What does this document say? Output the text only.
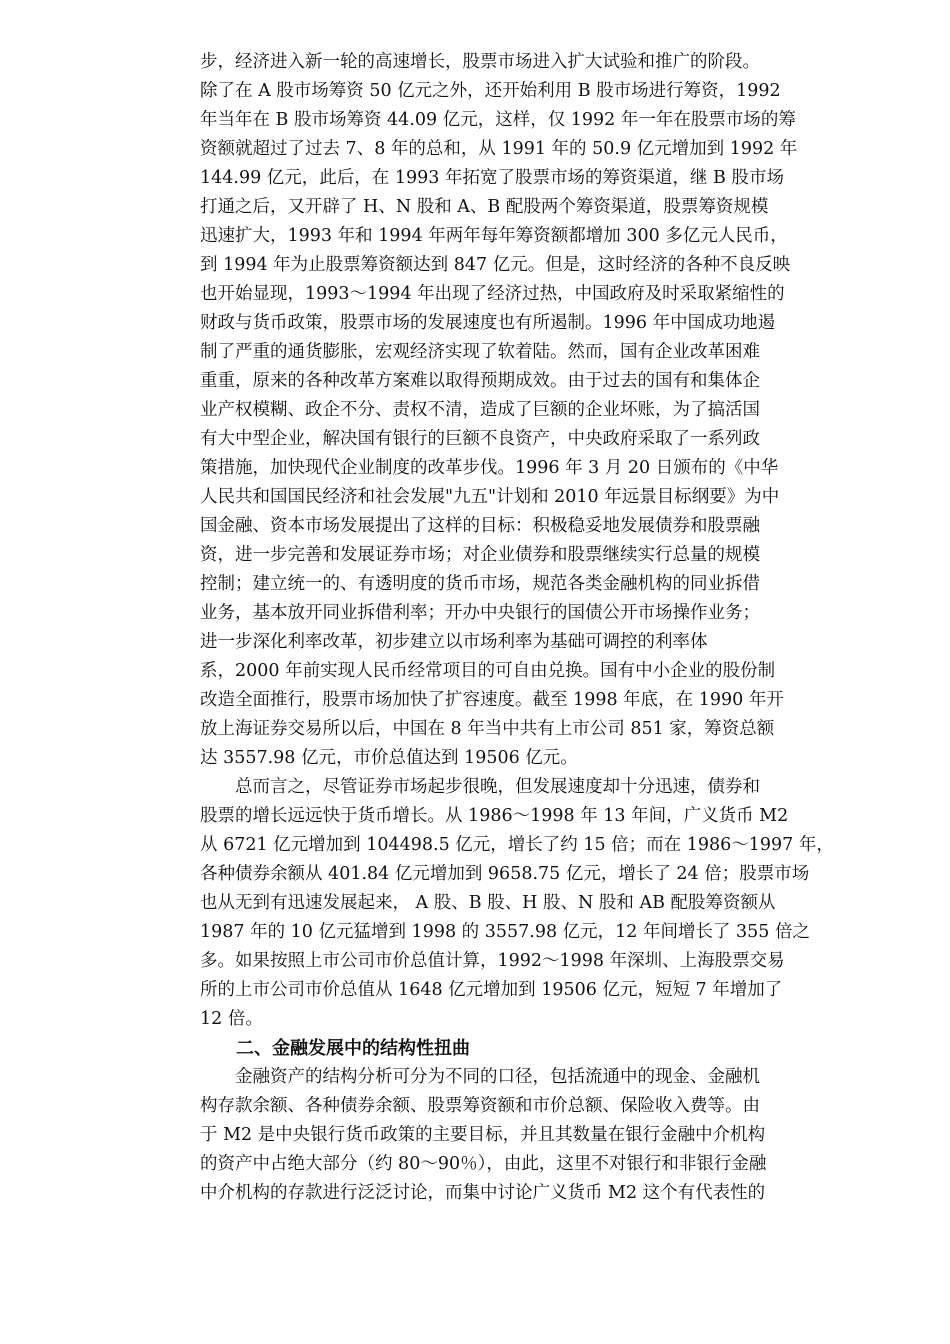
步，经济进入新一轮的高速增长，股票市场进入扩大试验和推广的阶段。
除了在 A 股市场筹资 50 亿元之外，还开始利用 B 股市场进行筹资，1992
年当年在 B 股市场筹资 44.09 亿元，这样，仅 1992 年一年在股票市场的筹
资额就超过了过去 7、8 年的总和，从 1991 年的 50.9 亿元增加到 1992 年
144.99 亿元，此后，在 1993 年拓宽了股票市场的筹资渠道，继 B 股市场
打通之后，又开辟了 H、N 股和 A、B 配股两个筹资渠道，股票筹资规模
迅速扩大，1993 年和 1994 年两年每年筹资额都增加 300 多亿元人民币，
到 1994 年为止股票筹资额达到 847 亿元。但是，这时经济的各种不良反映
也开始显现，1993～1994 年出现了经济过热，中国政府及时采取紧缩性的
财政与货币政策，股票市场的发展速度也有所遏制。1996 年中国成功地遏
制了严重的通货膨胀，宏观经济实现了软着陆。然而，国有企业改革困难
重重，原来的各种改革方案难以取得预期成效。由于过去的国有和集体企
业产权模糊、政企不分、责权不清，造成了巨额的企业坏账，为了搞活国
有大中型企业，解决国有银行的巨额不良资产，中央政府采取了一系列政
策措施，加快现代企业制度的改革步伐。1996 年 3 月 20 日颁布的《中华
人民共和国国民经济和社会发展"九五"计划和 2010 年远景目标纲要》为中
国金融、资本市场发展提出了这样的目标：积极稳妥地发展债券和股票融
资，进一步完善和发展证券市场；对企业债券和股票继续实行总量的规模
控制；建立统一的、有透明度的货币市场，规范各类金融机构的同业拆借
业务，基本放开同业拆借利率；开办中央银行的国债公开市场操作业务；
进一步深化利率改革，初步建立以市场利率为基础可调控的利率体
系，2000 年前实现人民币经常项目的可自由兑换。国有中小企业的股份制
改造全面推行，股票市场加快了扩容速度。截至 1998 年底，在 1990 年开
放上海证券交易所以后，中国在 8 年当中共有上市公司 851 家，筹资总额
达 3557.98 亿元，市价总值达到 19506 亿元。
　　总而言之，尽管证券市场起步很晚，但发展速度却十分迅速，债券和
股票的增长远远快于货币增长。从 1986～1998 年 13 年间，广义货币 M2
从 6721 亿元增加到 104498.5 亿元，增长了约 15 倍；而在 1986～1997 年，
各种债券余额从 401.84 亿元增加到 9658.75 亿元，增长了 24 倍；股票市场
也从无到有迅速发展起来， A 股、B 股、H 股、N 股和 AB 配股筹资额从
1987 年的 10 亿元猛增到 1998 的 3557.98 亿元，12 年间增长了 355 倍之
多。如果按照上市公司市价总值计算，1992～1998 年深圳、上海股票交易
所的上市公司市价总值从 1648 亿元增加到 19506 亿元，短短 7 年增加了
12 倍。
　　二、金融发展中的结构性扭曲
　　金融资产的结构分析可分为不同的口径，包括流通中的现金、金融机
构存款余额、各种债券余额、股票筹资额和市价总额、保险收入费等。由
于 M2 是中央银行货币政策的主要目标，并且其数量在银行金融中介机构
的资产中占绝大部分（约 80～90％），由此，这里不对银行和非银行金融
中介机构的存款进行泛泛讨论，而集中讨论广义货币 M2 这个有代表性的
